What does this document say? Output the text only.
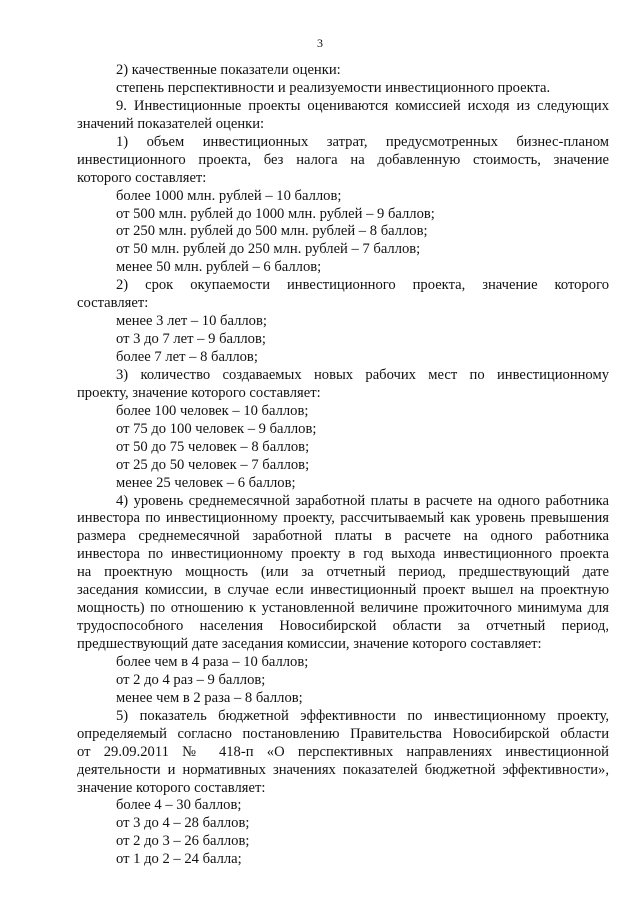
3
2) качественные показатели оценки:
степень перспективности и реализуемости инвестиционного проекта.
9. Инвестиционные проекты оцениваются комиссией исходя из следующих
значений показателей оценки:
1) объем инвестиционных затрат, предусмотренных бизнес-планом
инвестиционного проекта, без налога на добавленную стоимость, значение
которого составляет:
более 1000 млн. рублей – 10 баллов;
от 500 млн. рублей до 1000 млн. рублей – 9 баллов;
от 250 млн. рублей до 500 млн. рублей – 8 баллов;
от 50 млн. рублей до 250 млн. рублей – 7 баллов;
менее 50 млн. рублей – 6 баллов;
2) срок окупаемости инвестиционного проекта, значение которого
составляет:
менее 3 лет – 10 баллов;
от 3 до 7 лет – 9 баллов;
более 7 лет – 8 баллов;
3) количество создаваемых новых рабочих мест по инвестиционному
проекту, значение которого составляет:
более 100 человек – 10 баллов;
от 75 до 100 человек – 9 баллов;
от 50 до 75 человек – 8 баллов;
от 25 до 50 человек – 7 баллов;
менее 25 человек – 6 баллов;
4) уровень среднемесячной заработной платы в расчете на одного работника
инвестора по инвестиционному проекту, рассчитываемый как уровень превышения
размера среднемесячной заработной платы в расчете на одного работника
инвестора по инвестиционному проекту в год выхода инвестиционного проекта
на проектную мощность (или за отчетный период, предшествующий дате
заседания комиссии, в случае если инвестиционный проект вышел на проектную
мощность) по отношению к установленной величине прожиточного минимума для
трудоспособного населения Новосибирской области за отчетный период,
предшествующий дате заседания комиссии, значение которого составляет:
более чем в 4 раза – 10 баллов;
от 2 до 4 раз – 9 баллов;
менее чем в 2 раза – 8 баллов;
5) показатель бюджетной эффективности по инвестиционному проекту,
определяемый согласно постановлению Правительства Новосибирской области
от 29.09.2011 № 418-п «О перспективных направлениях инвестиционной
деятельности и нормативных значениях показателей бюджетной эффективности»,
значение которого составляет:
более 4 – 30 баллов;
от 3 до 4 – 28 баллов;
от 2 до 3 – 26 баллов;
от 1 до 2 – 24 балла;
